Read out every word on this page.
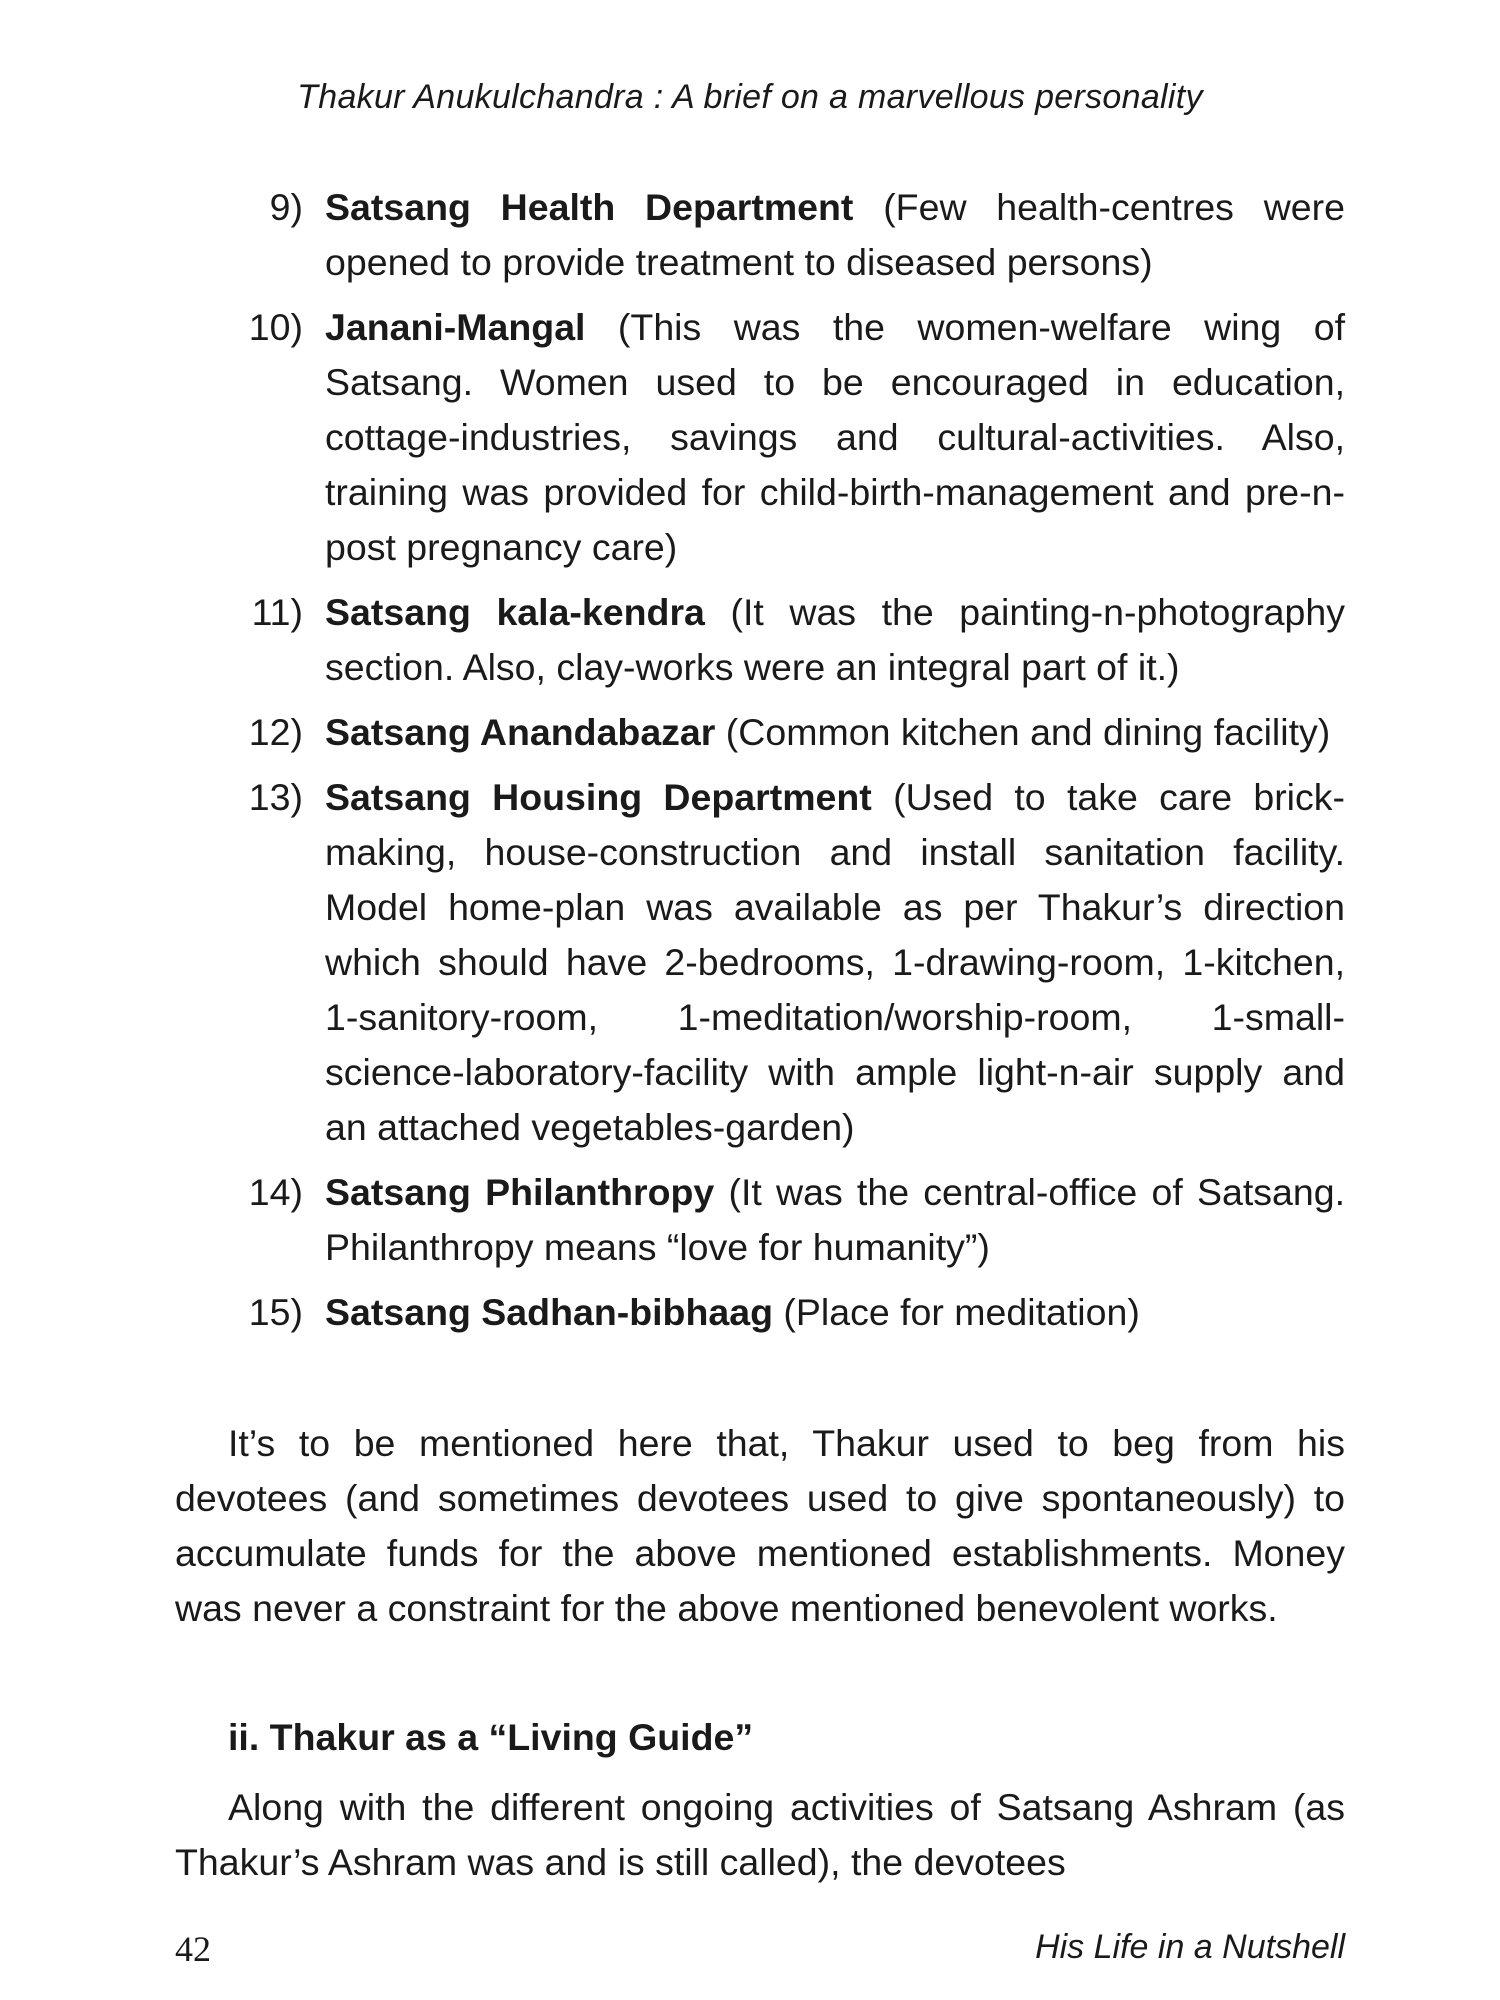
Thakur Anukulchandra : A brief on a marvellous personality
9) Satsang Health Department (Few health-centres were opened to provide treatment to diseased persons)
10) Janani-Mangal (This was the women-welfare wing of Satsang. Women used to be encouraged in education, cottage-industries, savings and cultural-activities. Also, training was provided for child-birth-management and pre-n-post pregnancy care)
11) Satsang kala-kendra (It was the painting-n-photography section. Also, clay-works were an integral part of it.)
12) Satsang Anandabazar (Common kitchen and dining facility)
13) Satsang Housing Department (Used to take care brick-making, house-construction and install sanitation facility. Model home-plan was available as per Thakur’s direction which should have 2-bedrooms, 1-drawing-room, 1-kitchen, 1-sanitory-room, 1-meditation/worship-room, 1-small-science-laboratory-facility with ample light-n-air supply and an attached vegetables-garden)
14) Satsang Philanthropy (It was the central-office of Satsang. Philanthropy means “love for humanity”)
15) Satsang Sadhan-bibhaag (Place for meditation)

It’s to be mentioned here that, Thakur used to beg from his devotees (and sometimes devotees used to give spontaneously) to accumulate funds for the above mentioned establishments. Money was never a constraint for the above mentioned benevolent works.

ii. Thakur as a “Living Guide”

Along with the different ongoing activities of Satsang Ashram (as Thakur’s Ashram was and is still called), the devotees

42	His Life in a Nutshell
